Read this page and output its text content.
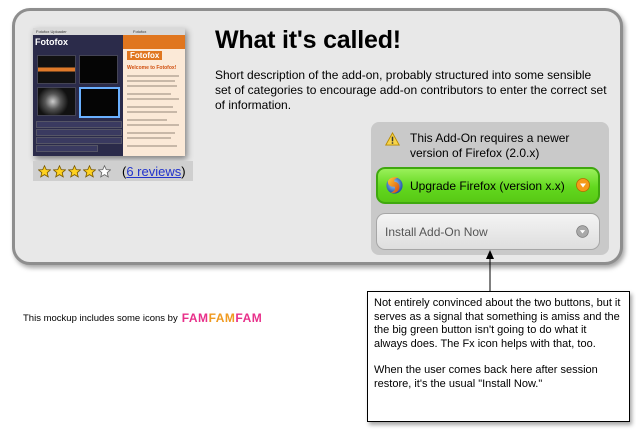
Fotofox Uploader	Fotofox
Fotofox
Fotofox
Welcome to Fotofox!
(6 reviews)
What it's called!

Short description of the add-on, probably structured into some sensible set of categories to encourage add-on contributors to enter the correct set of information.

This Add-On requires a newer version of Firefox (2.0.x)
Upgrade Firefox (version x.x)
Install Add-On Now
This mockup includes some icons by FAMFAMFAM

Not entirely convinced about the two buttons, but it serves as a signal that something is amiss and the the big green button isn't going to do what it always does. The Fx icon helps with that, too.

When the user comes back here after session restore, it's the usual "Install Now."
